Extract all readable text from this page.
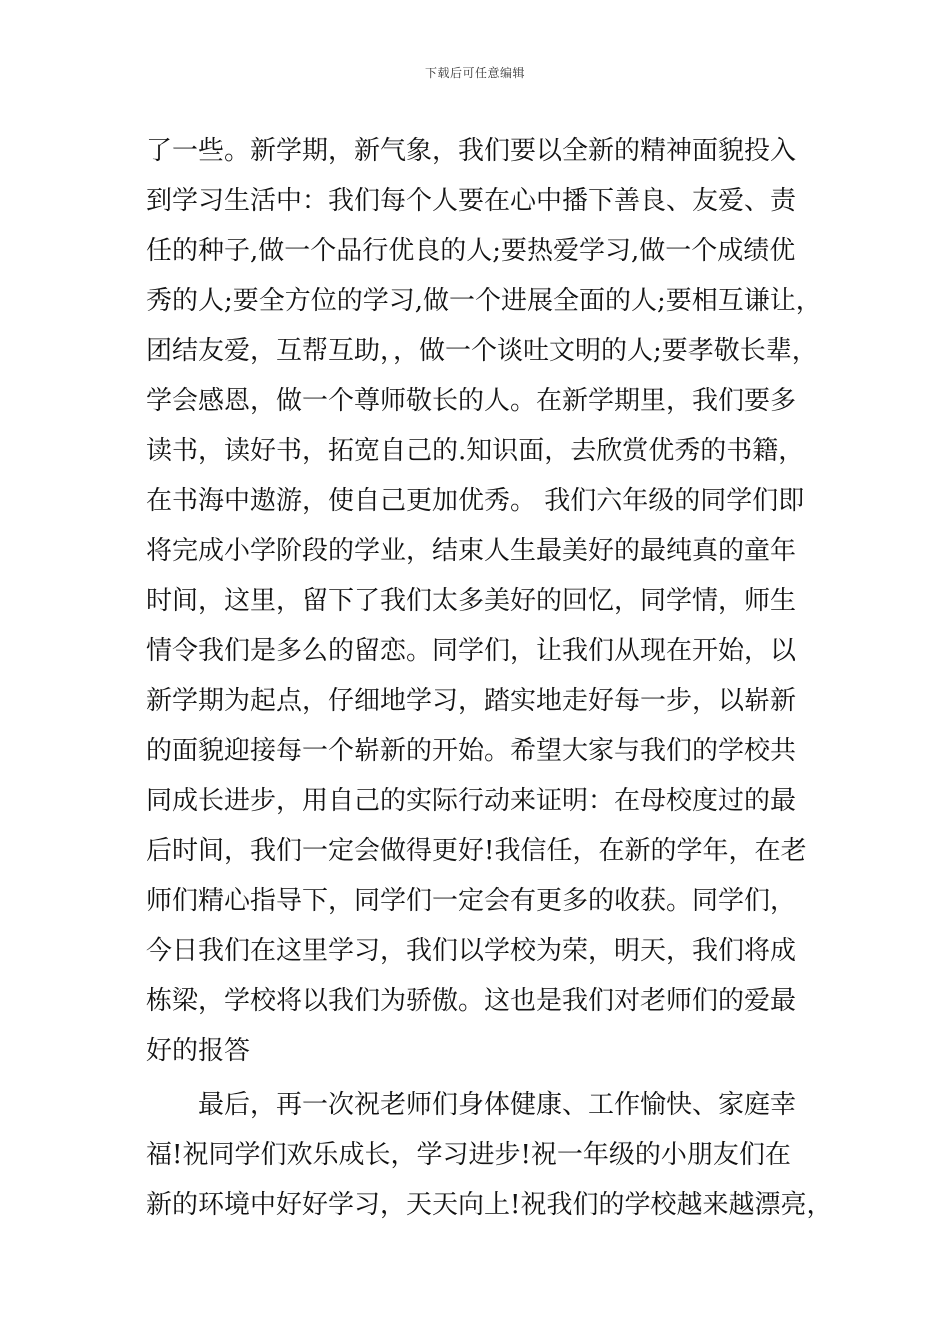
下载后可任意编辑
了一些。新学期，新气象，我们要以全新的精神面貌投入
到学习生活中：我们每个人要在心中播下善良、友爱、责
任的种子,做一个品行优良的人;要热爱学习,做一个成绩优
秀的人;要全方位的学习,做一个进展全面的人;要相互谦让，
团结友爱，互帮互助，，做一个谈吐文明的人;要孝敬长辈，
学会感恩，做一个尊师敬长的人。在新学期里，我们要多
读书，读好书，拓宽自己的.知识面，去欣赏优秀的书籍，
在书海中遨游，使自己更加优秀。 我们六年级的同学们即
将完成小学阶段的学业，结束人生最美好的最纯真的童年
时间，这里，留下了我们太多美好的回忆，同学情，师生
情令我们是多么的留恋。同学们，让我们从现在开始，以
新学期为起点，仔细地学习，踏实地走好每一步，以崭新
的面貌迎接每一个崭新的开始。希望大家与我们的学校共
同成长进步，用自己的实际行动来证明：在母校度过的最
后时间，我们一定会做得更好!我信任，在新的学年，在老
师们精心指导下，同学们一定会有更多的收获。同学们，
今日我们在这里学习，我们以学校为荣，明天，我们将成
栋梁，学校将以我们为骄傲。这也是我们对老师们的爱最
好的报答
最后，再一次祝老师们身体健康、工作愉快、家庭幸
福!祝同学们欢乐成长，学习进步!祝一年级的小朋友们在
新的环境中好好学习，天天向上!祝我们的学校越来越漂亮，
